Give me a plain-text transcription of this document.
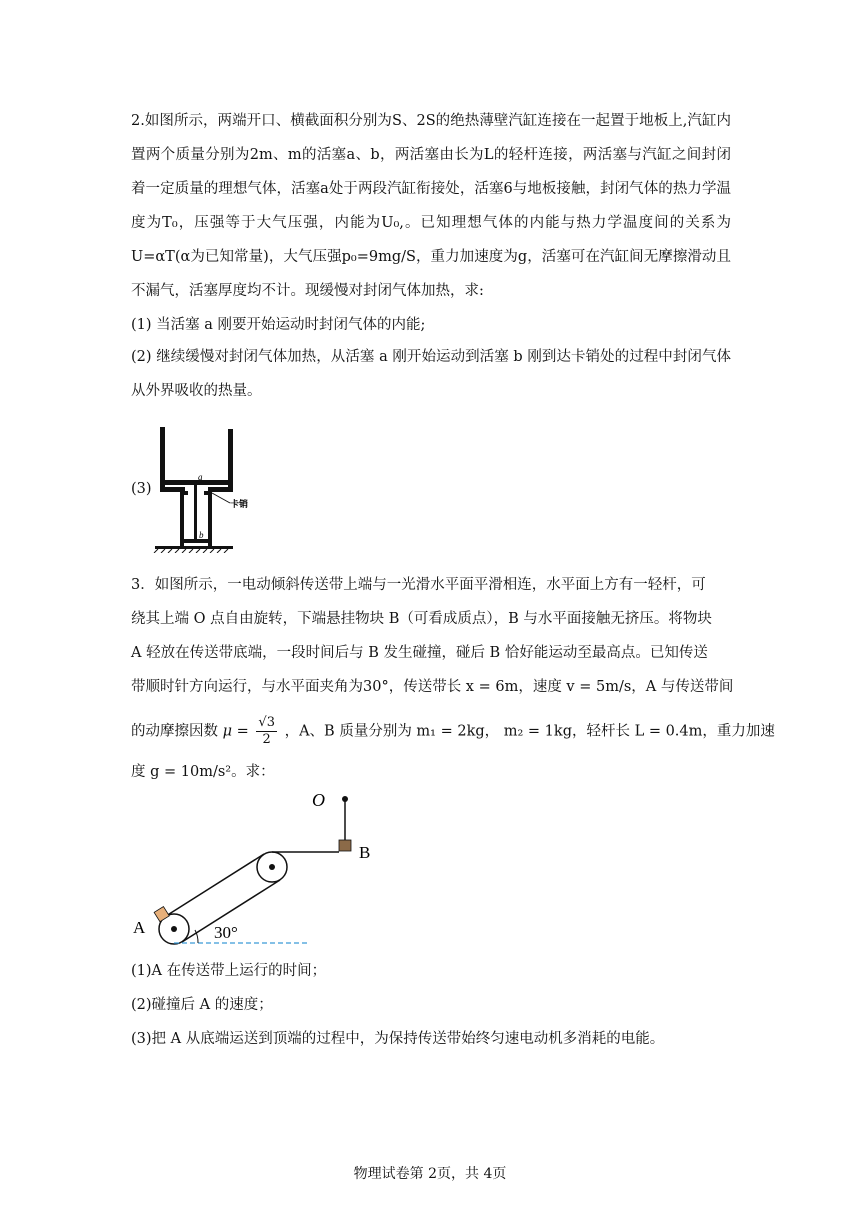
2.如图所示，两端开口、横截面积分别为S、2S的绝热薄壁汽缸连接在一起置于地板上,汽缸内置两个质量分别为2m、m的活塞a、b，两活塞由长为L的轻杆连接，两活塞与汽缸之间封闭着一定质量的理想气体，活塞a处于两段汽缸衔接处，活塞6与地板接触，封闭气体的热力学温度为T₀，压强等于大气压强，内能为U₀,。已知理想气体的内能与热力学温度间的关系为U=αT(α为已知常量)，大气压强p₀=9mg/S，重力加速度为g，活塞可在汽缸间无摩擦滑动且不漏气，活塞厚度均不计。现缓慢对封闭气体加热，求:
(1) 当活塞 a 刚要开始运动时封闭气体的内能;
(2) 继续缓慢对封闭气体加热，从活塞 a 刚开始运动到活塞 b 刚到达卡销处的过程中封闭气体从外界吸收的热量。
(3)
a
b
卡销
3．如图所示，一电动倾斜传送带上端与一光滑水平面平滑相连，水平面上方有一轻杆，可
绕其上端 O 点自由旋转，下端悬挂物块 B（可看成质点），B 与水平面接触无挤压。将物块
A 轻放在传送带底端，一段时间后与 B 发生碰撞，碰后 B 恰好能运动至最高点。已知传送
带顺时针方向运行，与水平面夹角为30°，传送带长 x = 6m，速度 v = 5m/s，A 与传送带间
的动摩擦因数 $\mu = \frac{√3}{2}$ ，A、B 质量分别为 m₁ = 2kg， m₂ = 1kg，轻杆长 L = 0.4m，重力加速
度 g = 10m/s²。求：
O
B
A	30°
(1)A 在传送带上运行的时间；
(2)碰撞后 A 的速度；
(3)把 A 从底端运送到顶端的过程中，为保持传送带始终匀速电动机多消耗的电能。
物理试卷第 2页，共 4页
